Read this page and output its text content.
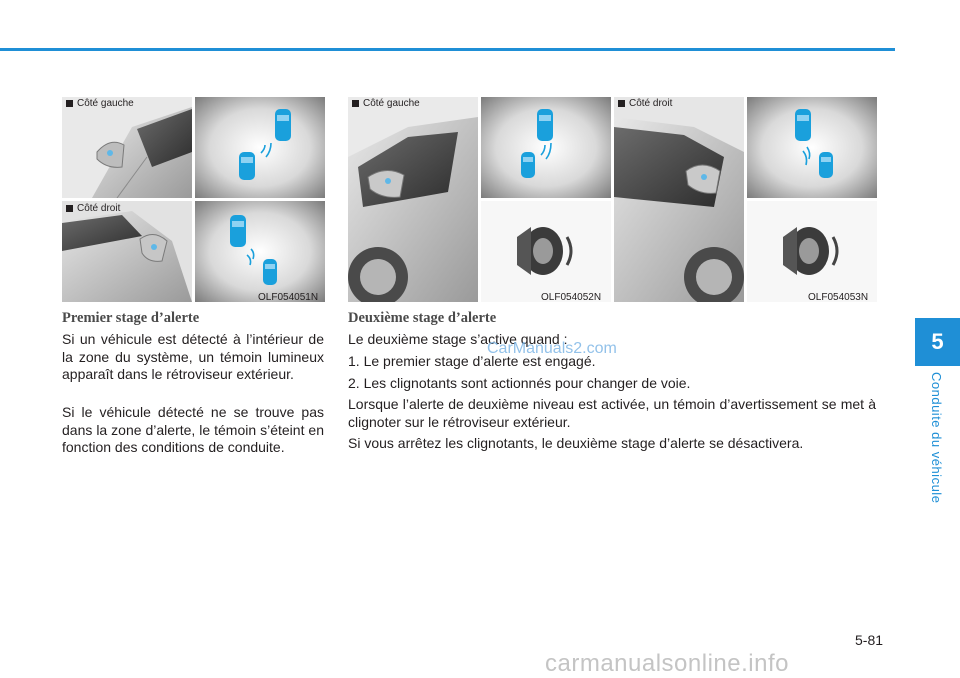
Côté gauche
Côté droit
OLF054051N
Côté gauche
OLF054052N
Côté droit
OLF054053N
Premier stage d’alerte

Si un véhicule est détecté à l’intérieur de la zone du système, un témoin lumineux apparaît dans le rétroviseur extérieur.

Si le véhicule détecté ne se trouve pas dans la zone d’alerte, le témoin s’éteint en fonction des conditions de conduite.

Deuxième stage d’alerte

Le deuxième stage s’active quand :

1. Le premier stage d’alerte est engagé.

2. Les clignotants sont actionnés pour changer de voie.

Lorsque l’alerte de deuxième niveau est activée, un témoin d’avertissement se met à clignoter sur le rétroviseur extérieur.

Si vous arrêtez les clignotants, le deuxième stage d’alerte se désactivera.

CarManuals2.com	5
Conduite du véhicule
5-81
carmanualsonline.info
